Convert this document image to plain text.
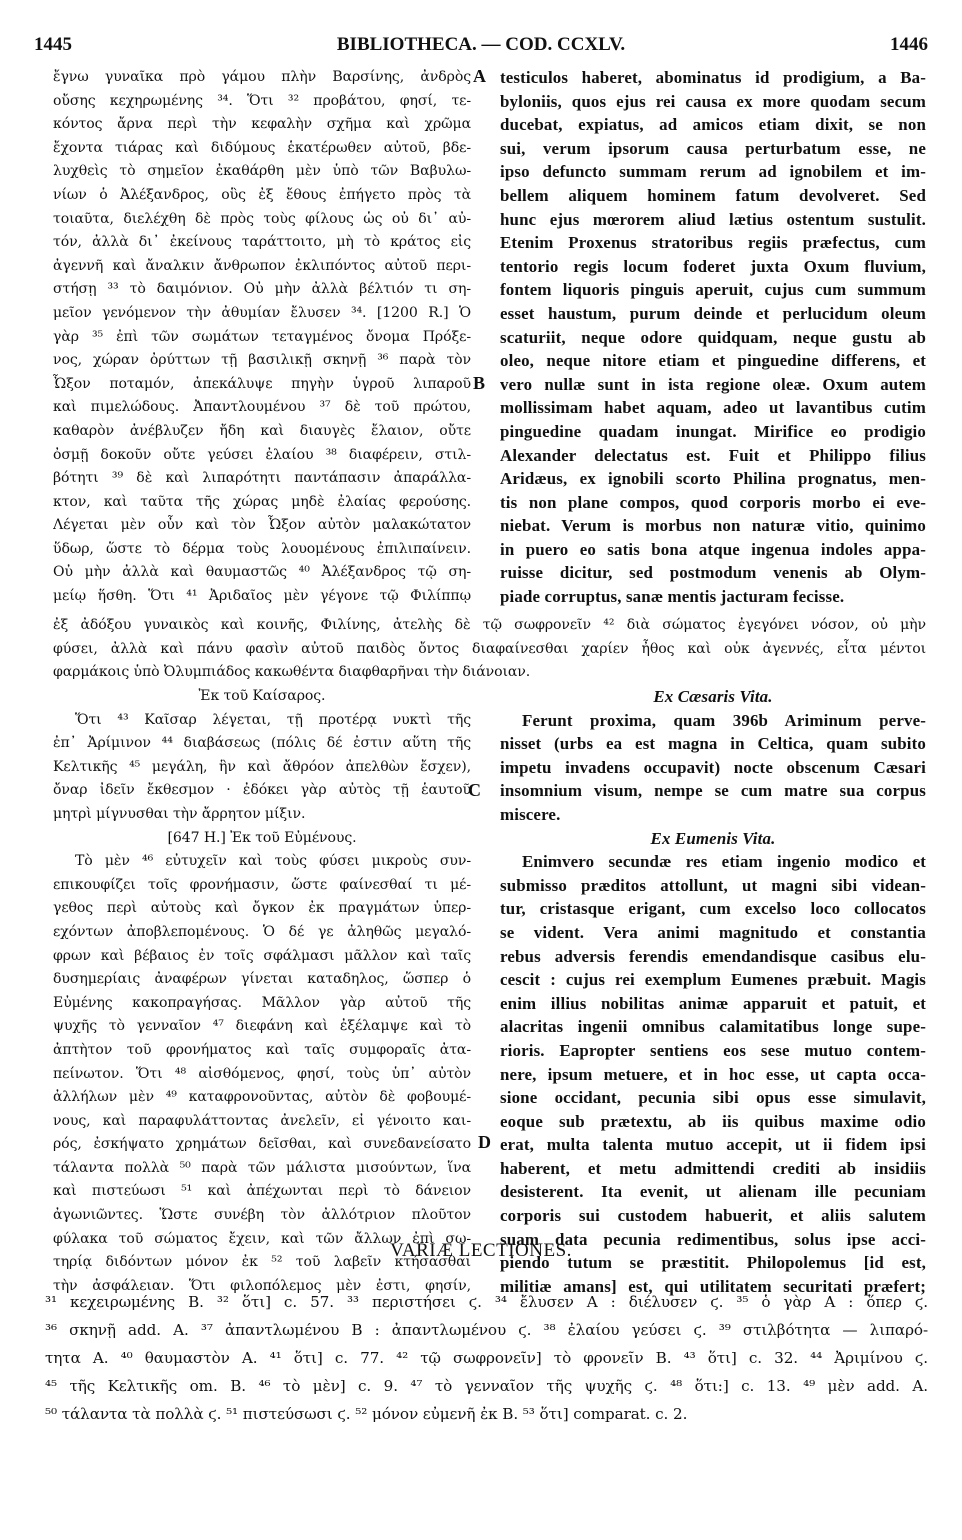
1445	BIBLIOTHECA. — COD. CCXLV.	1446
ἔγνω γυναῖκα πρὸ γάμου πλὴν Βαρσίνης, ἀνδρὸς
οὔσης κεχηρωμένης ³⁴. Ὅτι ³² προβάτου, φησί, τε-
κόντος ἄρνα περὶ τὴν κεφαλὴν σχῆμα καὶ χρῶμα
ἔχοντα τιάρας καὶ διδύμους ἑκατέρωθεν αὐτοῦ, βδε-
λυχθεὶς τὸ σημεῖον ἐκαθάρθη μὲν ὑπὸ τῶν Βαβυλω-
νίων ὁ Ἀλέξανδρος, οὓς ἐξ ἔθους ἐπήγετο πρὸς τὰ
τοιαῦτα, διελέχθη δὲ πρὸς τοὺς φίλους ὡς οὐ δι᾽ αὐ-
τόν, ἀλλὰ δι᾽ ἐκείνους ταράττοιτο, μὴ τὸ κράτος εἰς
ἀγεννῆ καὶ ἄναλκιν ἄνθρωπον ἐκλιπόντος αὐτοῦ περι-
στήσῃ ³³ τὸ δαιμόνιον. Οὐ μὴν ἀλλὰ βέλτιόν τι ση-
μεῖον γενόμενον τὴν ἀθυμίαν ἔλυσεν ³⁴. [1200 R.] Ὁ
γὰρ ³⁵ ἐπὶ τῶν σωμάτων τεταγμένος ὄνομα Πρόξε-
νος, χώραν ὀρύττων τῇ βασιλικῇ σκηνῇ ³⁶ παρὰ τὸν
Ὦξον ποταμόν, ἀπεκάλυψε πηγὴν ὑγροῦ λιπαροῦ
καὶ πιμελώδους. Ἀπαντλουμένου ³⁷ δὲ τοῦ πρώτου,
καθαρὸν ἀνέβλυζεν ἤδη καὶ διαυγὲς ἔλαιον, οὔτε
ὀσμῇ δοκοῦν οὔτε γεύσει ἐλαίου ³⁸ διαφέρειν, στιλ-
βότητι ³⁹ δὲ καὶ λιπαρότητι παντάπασιν ἀπαράλλα-
κτον, καὶ ταῦτα τῆς χώρας μηδὲ ἐλαίας φερούσης.
Λέγεται μὲν οὖν καὶ τὸν Ὦξον αὐτὸν μαλακώτατον
ὕδωρ, ὥστε τὸ δέρμα τοὺς λουομένους ἐπιλιπαίνειν.
Οὐ μὴν ἀλλὰ καὶ θαυμαστῶς ⁴⁰ Ἀλέξανδρος τῷ ση-
μείῳ ἥσθη. Ὅτι ⁴¹ Ἀριδαῖος μὲν γέγονε τῷ Φιλίππῳ
testiculos haberet, abominatus id prodigium, a Ba-
byloniis, quos ejus rei causa ex more quodam secum
ducebat, expiatus, ad amicos etiam dixit, se non
sui, verum ipsorum causa perturbatum esse, ne
ipso defuncto summam rerum ad ignobilem et im-
bellem aliquem hominem fatum devolveret. Sed
hunc ejus mœrorem aliud lætius ostentum sustulit.
Etenim Proxenus stratoribus regiis præfectus, cum
tentorio regis locum foderet juxta Oxum fluvium,
fontem liquoris pinguis aperuit, cujus cum summum
esset haustum, purum deinde et perlucidum oleum
scaturiit, neque odore quidquam, neque gustu ab
oleo, neque nitore etiam et pinguedine differens, et
vero nullæ sunt in ista regione oleæ. Oxum autem
mollissimam habet aquam, adeo ut lavantibus cutim
pinguedine quadam inungat. Mirifice eo prodigio
Alexander delectatus est. Fuit et Philippo filius
Aridæus, ex ignobili scorto Philina prognatus, men-
tis non plane compos, quod corporis morbo ei eve-
niebat. Verum is morbus non naturæ vitio, quinimo
in puero eo satis bona atque ingenua indoles appa-
ruisse dicitur, sed postmodum venenis ab Olym-
piade corruptus, sanæ mentis jacturam fecisse.
ἐξ ἀδόξου γυναικὸς καὶ κοινῆς, Φιλίνης, ἀτελὴς δὲ τῷ σωφρονεῖν ⁴² διὰ σώματος ἐγεγόνει νόσον, οὐ μὴν
φύσει, ἀλλὰ καὶ πάνυ φασὶν αὐτοῦ παιδὸς ὄντος διαφαίνεσθαι χαρίεν ἦθος καὶ οὐκ ἀγεννές, εἶτα μέντοι
φαρμάκοις ὑπὸ Ὀλυμπιάδος κακωθέντα διαφθαρῆναι τὴν διάνοιαν.
Ἐκ τοῦ Καίσαρος.
Ὅτι ⁴³ Καῖσαρ λέγεται, τῇ προτέρᾳ νυκτὶ τῆς
ἐπ᾽ Ἀρίμινον ⁴⁴ διαβάσεως (πόλις δέ ἐστιν αὕτη τῆς
Κελτικῆς ⁴⁵ μεγάλη, ἣν καὶ ἄθρόον ἀπελθὼν ἔσχεν),
ὄναρ ἰδεῖν ἔκθεσμον · ἐδόκει γὰρ αὐτὸς τῇ ἑαυτοῦ
μητρὶ μίγνυσθαι τὴν ἄρρητον μίξιν.
[647 H.] Ἐκ τοῦ Εὐμένους.
Τὸ μὲν ⁴⁶ εὐτυχεῖν καὶ τοὺς φύσει μικροὺς συν-
επικουφίζει τοῖς φρονήμασιν, ὥστε φαίνεσθαί τι μέ-
γεθος περὶ αὐτοὺς καὶ ὄγκον ἐκ πραγμάτων ὑπερ-
εχόντων ἀποβλεπομένους. Ὁ δέ γε ἀληθῶς μεγαλό-
φρων καὶ βέβαιος ἐν τοῖς σφάλμασι μᾶλλον καὶ ταῖς
δυσημερίαις ἀναφέρων γίνεται καταδηλος, ὥσπερ ὁ
Εὐμένης κακοπραγήσας. Μᾶλλον γὰρ αὐτοῦ τῆς
ψυχῆς τὸ γενναῖον ⁴⁷ διεφάνη καὶ ἐξέλαμψε καὶ τὸ
ἀπτὴτον τοῦ φρονήματος καὶ ταῖς συμφοραῖς ἀτα-
πείνωτον. Ὅτι ⁴⁸ αἰσθόμενος, φησί, τοὺς ὑπ᾽ αὐτὸν
ἀλλήλων μὲν ⁴⁹ καταφρονοῦντας, αὐτὸν δὲ φοβουμέ-
νους, καὶ παραφυλάττοντας ἀνελεῖν, εἰ γένοιτο και-
ρός, ἐσκήψατο χρημάτων δεῖσθαι, καὶ συνεδανείσατο
τάλαντα πολλὰ ⁵⁰ παρὰ τῶν μάλιστα μισούντων, ἵνα
καὶ πιστεύωσι ⁵¹ καὶ ἀπέχωνται περὶ τὸ δάνειον
ἀγωνιῶντες. Ὥστε συνέβη τὸν ἀλλότριον πλοῦτον
φύλακα τοῦ σώματος ἔχειν, καὶ τῶν ἄλλων ἐπὶ σω-
τηρίᾳ διδόντων μόνον ἐκ ⁵² τοῦ λαβεῖν κτήσασθαι
τὴν ἀσφάλειαν. Ὅτι φιλοπόλεμος μὲν ἐστι, φησίν,
Ex Cæsaris Vita.
Ferunt proxima, quam 396b Ariminum perve-
nisset (urbs ea est magna in Celtica, quam subito
impetu invadens occupavit) nocte obscenum Cæsari
insomnium visum, nempe se cum matre sua corpus
miscere.
Ex Eumenis Vita.
Enimvero secundæ res etiam ingenio modico et
submisso præditos attollunt, ut magni sibi videan-
tur, cristasque erigant, cum excelso loco collocatos
se vident. Vera animi magnitudo et constantia
rebus adversis ferendis emendandisque casibus elu-
cescit : cujus rei exemplum Eumenes præbuit. Magis
enim illius nobilitas animæ apparuit et patuit, et
alacritas ingenii omnibus calamitatibus longe supe-
rioris. Eapropter sentiens eos sese mutuo contem-
nere, ipsum metuere, et in hoc esse, ut capta occa-
sione occidant, pecunia sibi opus esse simulavit,
eoque sub prætextu, ab iis quibus maxime odio
erat, multa talenta mutuo accepit, ut ii fidem ipsi
haberent, et metu admittendi crediti ab insidiis
desisterent. Ita evenit, ut alienam ille pecuniam
corporis sui custodem habuerit, et aliis salutem
suam data pecunia redimentibus, solus ipse acci-
piendo tutum se præstitit. Philopolemus [id est,
militiæ amans] est, qui utilitatem securitati præfert;
A
B
C
D
VARIÆ LECTIONES.
³¹ κεχειρωμένης B. ³² ὅτι] c. 57. ³³ περιστήσει ϛ. ³⁴ ἔλυσεν A : διέλυσεν ϛ. ³⁵ ὁ γὰρ A : ὅπερ ϛ.
³⁶ σκηνῇ add. A. ³⁷ ἀπαντλωμένου B : ἀπαντλωμένου ϛ. ³⁸ ἐλαίου γεύσει ϛ. ³⁹ στιλβότητα — λιπαρό-
τητα A. ⁴⁰ θαυμαστὸν A. ⁴¹ ὅτι] c. 77. ⁴² τῷ σωφρονεῖν] τὸ φρονεῖν B. ⁴³ ὅτι] c. 32. ⁴⁴ Ἀριμίνου ϛ.
⁴⁵ τῆς Κελτικῆς om. B. ⁴⁶ τὸ μὲν] c. 9. ⁴⁷ τὸ γενναῖον τῆς ψυχῆς ϛ. ⁴⁸ ὅτι:] c. 13. ⁴⁹ μὲν add. A.
⁵⁰ τάλαντα τὰ πολλὰ ϛ. ⁵¹ πιστεύσωσι ϛ. ⁵² μόνον εὐμενῆ ἐκ B. ⁵³ ὅτι] comparat. c. 2.
